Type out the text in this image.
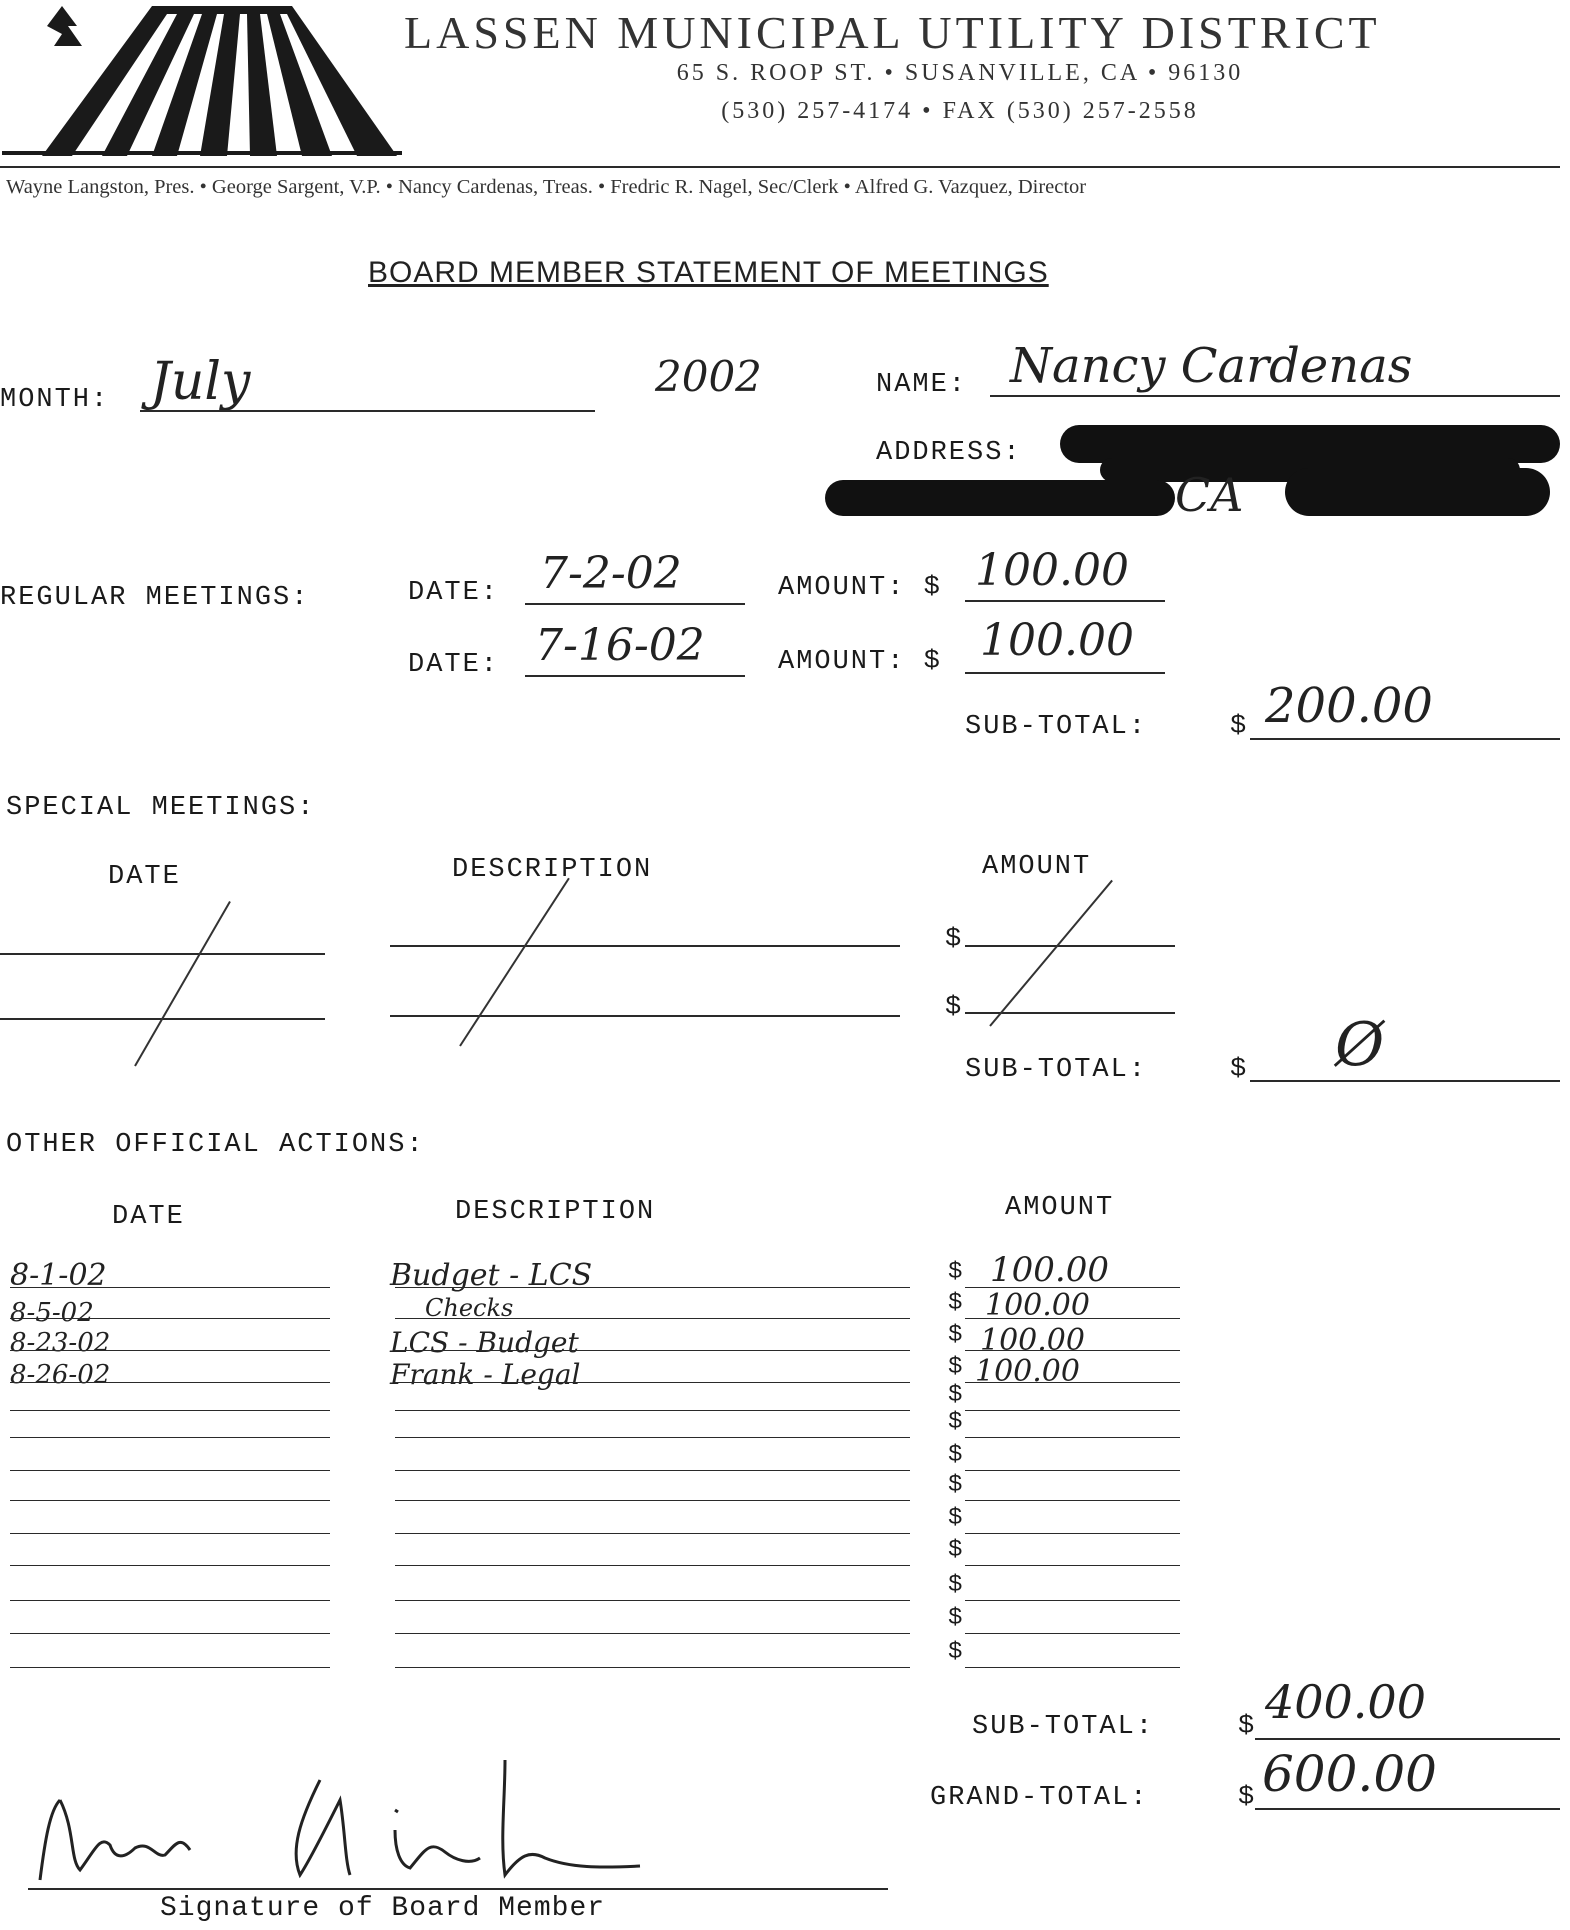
LASSEN MUNICIPAL UTILITY DISTRICT
65 S. ROOP ST. • SUSANVILLE, CA • 96130
(530) 257-4174 • FAX (530) 257-2558
Wayne Langston, Pres. • George Sargent, V.P. • Nancy Cardenas, Treas. • Fredric R. Nagel, Sec/Clerk • Alfred G. Vazquez, Director
BOARD MEMBER STATEMENT OF MEETINGS
MONTH: July	2002	NAME: Nancy Cardenas
ADDRESS:
CA
REGULAR MEETINGS:	DATE: 7-2-02	AMOUNT: $ 100.00
DATE: 7-16-02	AMOUNT: $ 100.00
SUB-TOTAL:	$ 200.00
SPECIAL MEETINGS:
DATE	DESCRIPTION	AMOUNT
$
$
SUB-TOTAL:	$ Ø
OTHER OFFICIAL ACTIONS:
DATE	DESCRIPTION	AMOUNT
8-1-02	Budget - LCS	100.00
8-5-02	Checks	100.00
8-23-02	LCS - Budget	100.00
8-26-02	Frank - Legal	100.00
$
$
$
$
$
$
$
$
$
$
$
$
$
SUB-TOTAL:	$ 400.00
GRAND-TOTAL:	$ 600.00
Signature of Board Member
